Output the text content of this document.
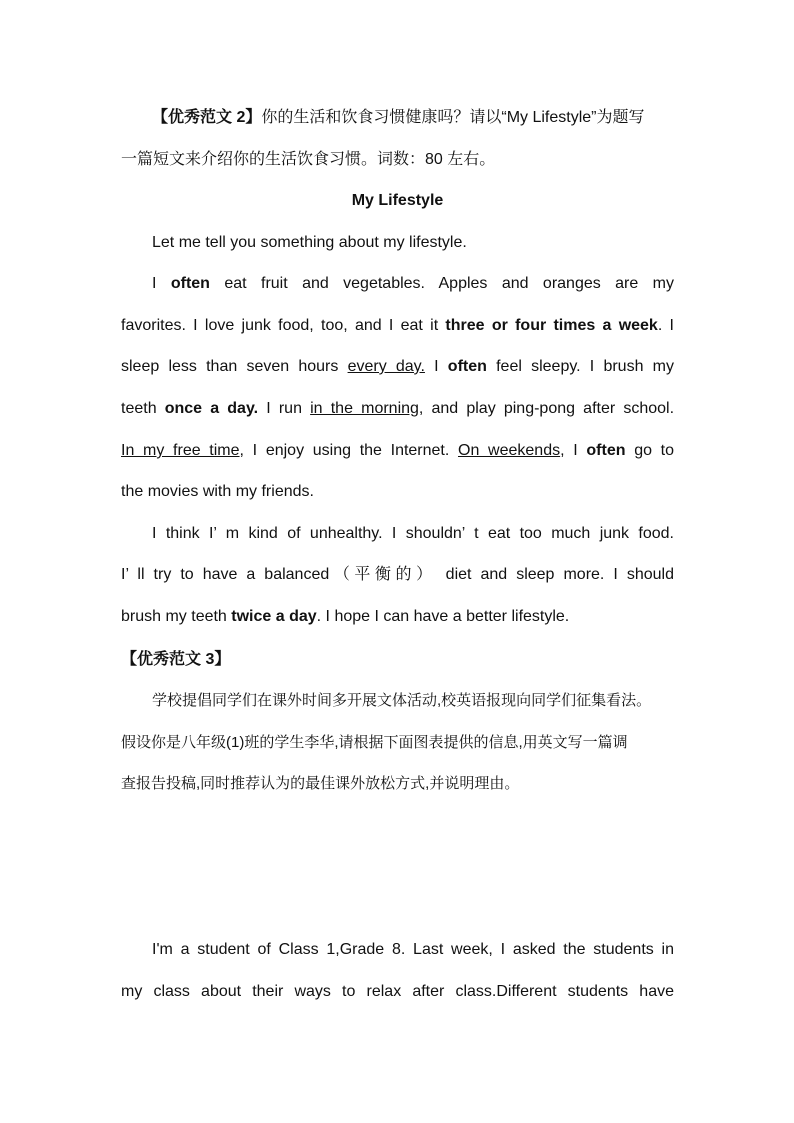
【优秀范文 2】你的生活和饮食习惯健康吗？请以“My Lifestyle”为题写
一篇短文来介绍你的生活饮食习惯。词数：80 左右。
My Lifestyle
Let me tell you something about my lifestyle.
I often eat fruit and vegetables. Apples and oranges are my
favorites. I love junk food, too, and I eat it three or four times a week. I
sleep less than seven hours every day. I often feel sleepy. I brush my
teeth once a day. I run in the morning, and play ping-pong after school.
In my free time, I enjoy using the Internet. On weekends, I often go to
the movies with my friends.
I think I’ m kind of unhealthy. I shouldn’ t eat too much junk food.
I’ ll try to have a balanced（平衡的） diet and sleep more. I should
brush my teeth twice a day. I hope I can have a better lifestyle.
【优秀范文 3】
学校提倡同学们在课外时间多开展文体活动,校英语报现向同学们征集看法。
假设你是八年级(1)班的学生李华,请根据下面图表提供的信息,用英文写一篇调
查报告投稿,同时推荐认为的最佳课外放松方式,并说明理由。
I'm a student of Class 1,Grade 8. Last week, I asked the students in
my class about their ways to relax after class.Different students have
